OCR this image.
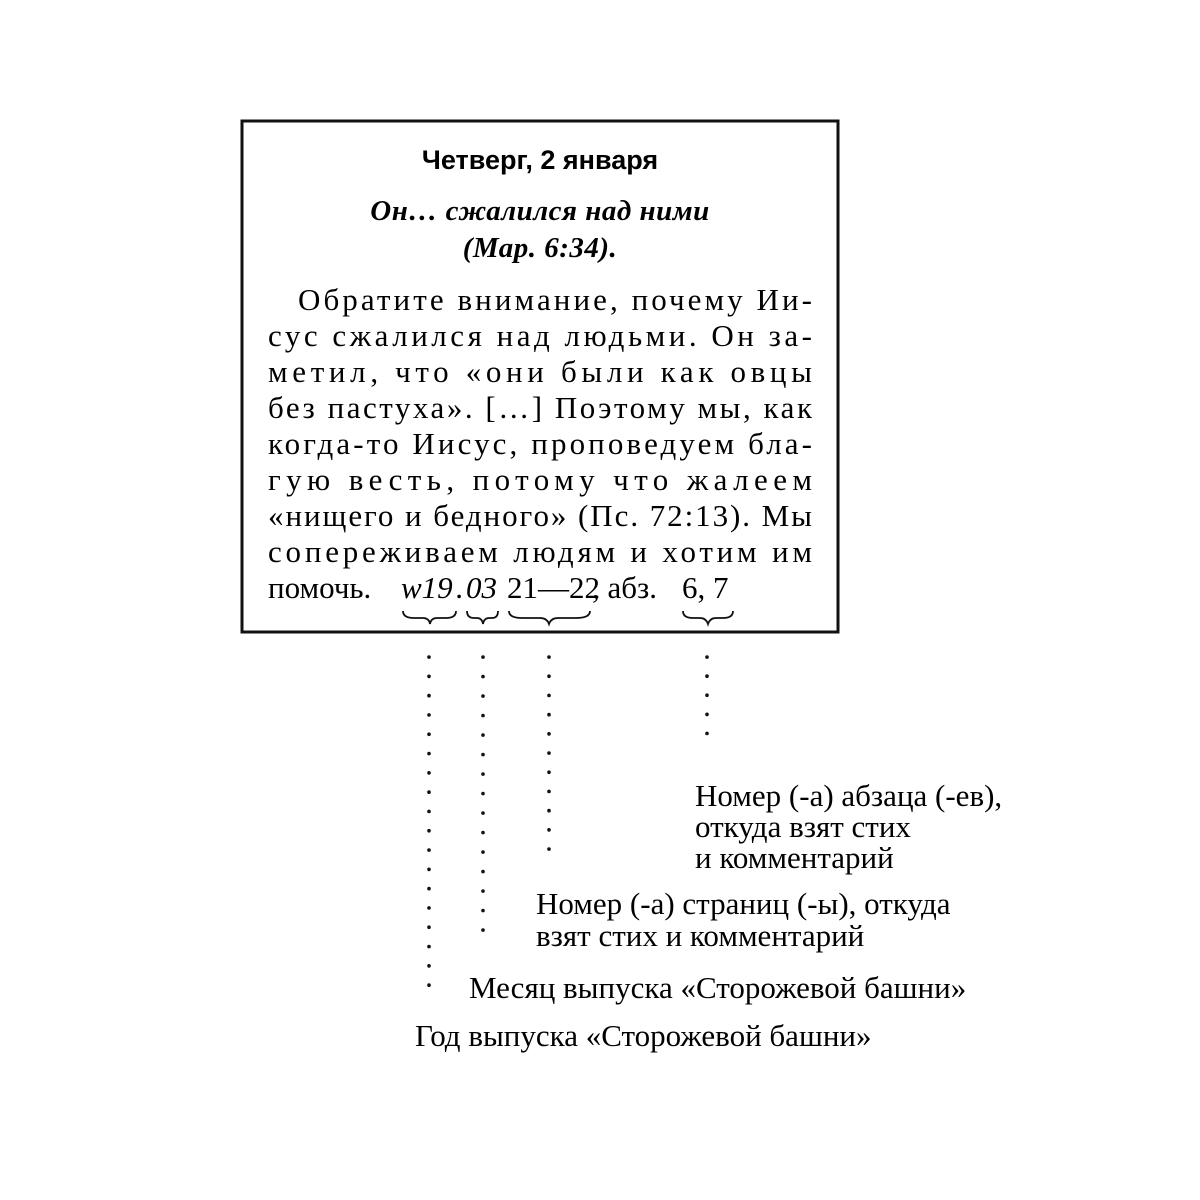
Четверг, 2 января
Он… сжалился над ними
(Мар. 6:34).
Обратите внимание, почему Ии-
сус сжалился над людьми. Он за-
метил, что «они были как овцы
без пастуха». […] Поэтому мы, как
когда-то Иисус, проповедуем бла-
гую весть, потому что жалеем
«нищего и бедного» (Пс. 72:13). Мы
сопереживаем людям и хотим им
помочь. w19 . 03 21—22
, абз. 6, 7
Номер (-а) абзаца (-ев),
откуда взят стих
и комментарий
Номер (-а) страниц (-ы), откуда
взят стих и комментарий
Месяц выпуска «Сторожевой башни»
Год выпуска «Сторожевой башни»
